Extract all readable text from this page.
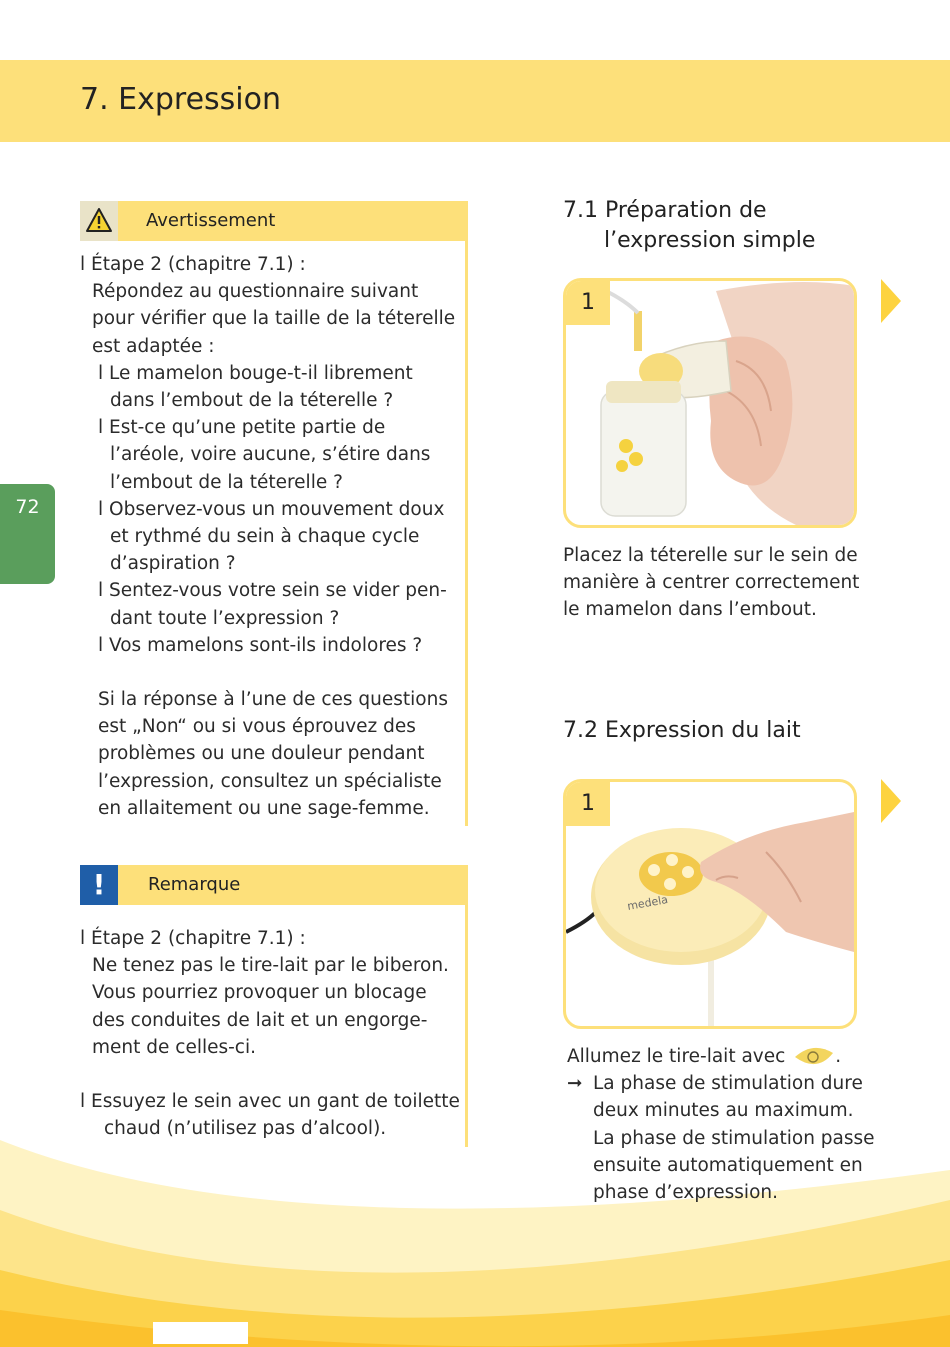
7. Expression
72
Avertissement
l Étape 2 (chapitre 7.1) :
Répondez au questionnaire suivant
pour vérifier que la taille de la téterelle
est adaptée :
l Le mamelon bouge-t-il librement
dans l’embout de la téterelle ?
l Est-ce qu’une petite partie de
l’aréole, voire aucune, s’étire dans
l’embout de la téterelle ?
l Observez-vous un mouvement doux
et rythmé du sein à chaque cycle
d’aspiration ?
l Sentez-vous votre sein se vider pen-
dant toute l’expression ?
l Vos mamelons sont-ils indolores ?
Si la réponse à l’une de ces questions
est „Non“ ou si vous éprouvez des
problèmes ou une douleur pendant
l’expression, consultez un spécialiste
en allaitement ou une sage-femme.
!	Remarque
l Étape 2 (chapitre 7.1) :
Ne tenez pas le tire-lait par le biberon.
Vous pourriez provoquer un blocage
des conduites de lait et un engorge-
ment de celles-ci.
l Essuyez le sein avec un gant de toilette
chaud (n’utilisez pas d’alcool).
7.1 Préparation de
l’expression simple
1
Placez la téterelle sur le sein de
manière à centrer correctement
le mamelon dans l’embout.
7.2 Expression du lait
medela
1
Allumez le tire-lait avec	.
➞ La phase de stimulation dure
deux minutes au maximum.
La phase de stimulation passe
ensuite automatiquement en
phase d’expression.
